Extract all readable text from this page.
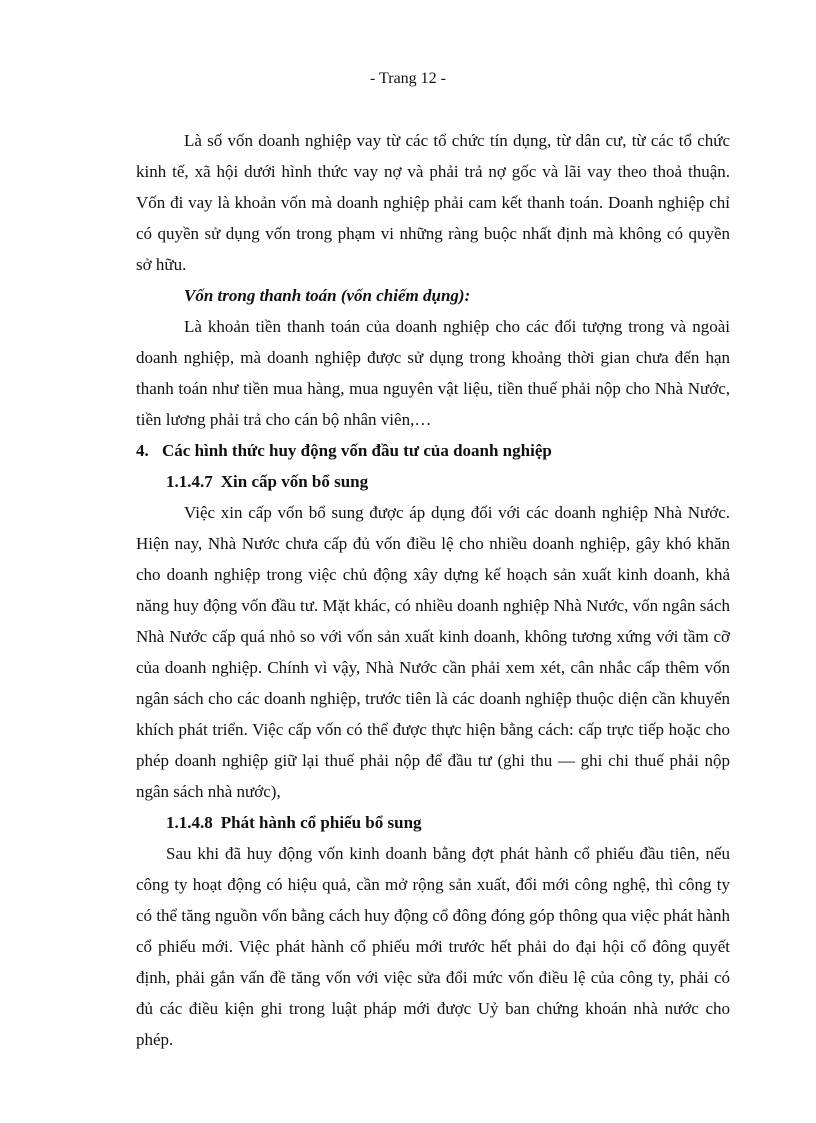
- Trang 12 -

Là số vốn doanh nghiệp vay từ các tổ chức tín dụng, từ dân cư, từ các tổ chức kinh tế, xã hội dưới hình thức vay nợ và phải trả nợ gốc và lãi vay theo thoả thuận. Vốn đi vay là khoản vốn mà doanh nghiệp phải cam kết thanh toán. Doanh nghiệp chỉ có quyền sử dụng vốn trong phạm vi những ràng buộc nhất định mà không có quyền sở hữu.

Vốn trong thanh toán (vốn chiếm dụng):

Là khoản tiền thanh toán của doanh nghiệp cho các đối tượng trong và ngoài doanh nghiệp, mà doanh nghiệp được sử dụng trong khoảng thời gian chưa đến hạn thanh toán như tiền mua hàng, mua nguyên vật liệu, tiền thuế phải nộp cho Nhà Nước, tiền lương phải trả cho cán bộ nhân viên,…

4. Các hình thức huy động vốn đầu tư của doanh nghiệp

1.1.4.7 Xin cấp vốn bổ sung

Việc xin cấp vốn bổ sung được áp dụng đối với các doanh nghiệp Nhà Nước. Hiện nay, Nhà Nước chưa cấp đủ vốn điều lệ cho nhiều doanh nghiệp, gây khó khăn cho doanh nghiệp trong việc chủ động xây dựng kế hoạch sản xuất kinh doanh, khả năng huy động vốn đầu tư. Mặt khác, có nhiều doanh nghiệp Nhà Nước, vốn ngân sách Nhà Nước cấp quá nhỏ so với vốn sản xuất kinh doanh, không tương xứng với tầm cỡ của doanh nghiệp. Chính vì vậy, Nhà Nước cần phải xem xét, cân nhắc cấp thêm vốn ngân sách cho các doanh nghiệp, trước tiên là các doanh nghiệp thuộc diện cần khuyến khích phát triển. Việc cấp vốn có thể được thực hiện bằng cách: cấp trực tiếp hoặc cho phép doanh nghiệp giữ lại thuế phải nộp để đầu tư (ghi thu — ghi chi thuế phải nộp ngân sách nhà nước),

1.1.4.8 Phát hành cổ phiếu bổ sung

Sau khi đã huy động vốn kinh doanh bằng đợt phát hành cổ phiếu đầu tiên, nếu công ty hoạt động có hiệu quả, cần mở rộng sản xuất, đổi mới công nghệ, thì công ty có thể tăng nguồn vốn bằng cách huy động cổ đông đóng góp thông qua việc phát hành cổ phiếu mới. Việc phát hành cổ phiếu mới trước hết phải do đại hội cổ đông quyết định, phải gắn vấn đề tăng vốn với việc sửa đổi mức vốn điều lệ của công ty, phải có đủ các điều kiện ghi trong luật pháp mới được Uỷ ban chứng khoán nhà nước cho phép.
